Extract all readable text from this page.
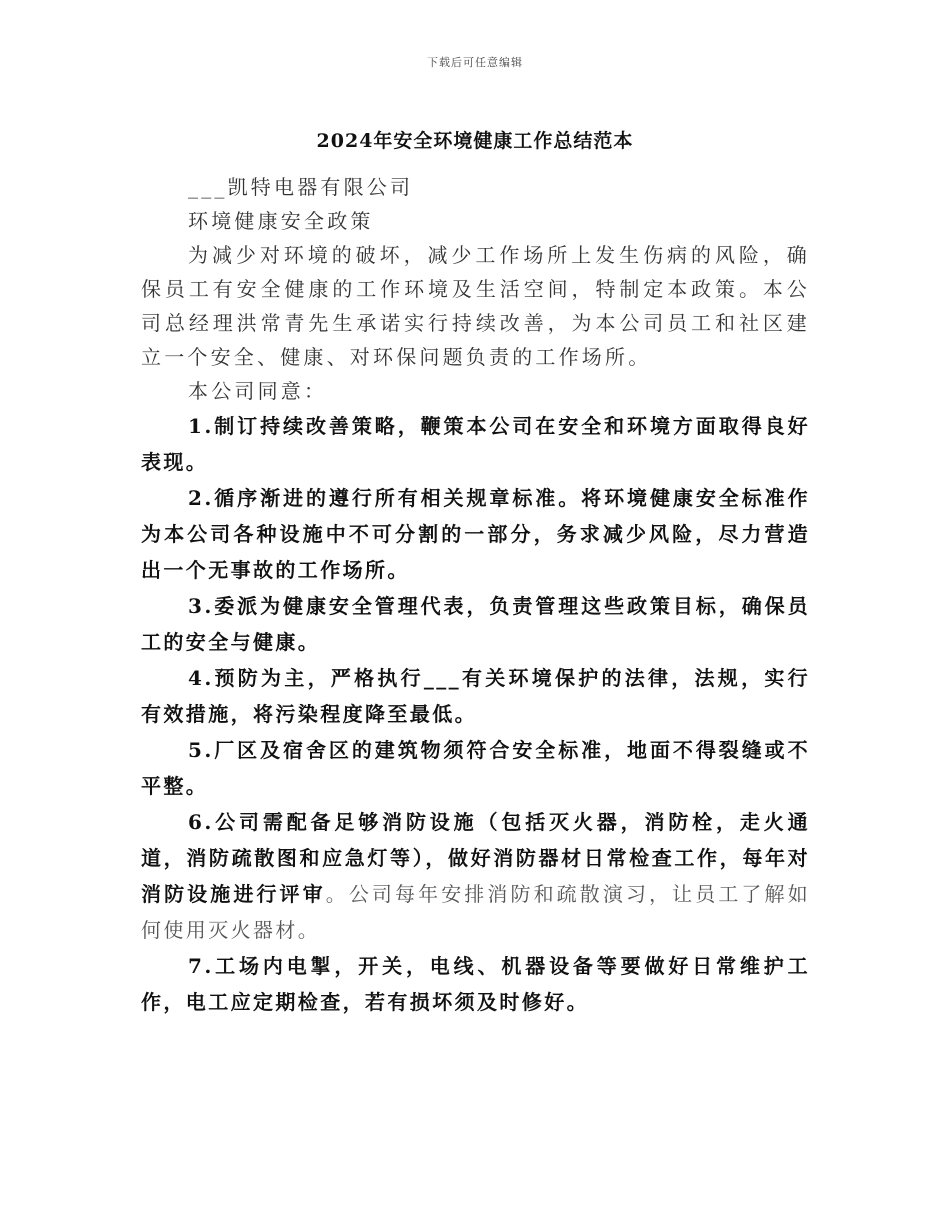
下载后可任意编辑
2024年安全环境健康工作总结范本

___凯特电器有限公司

环境健康安全政策

为减少对环境的破坏，减少工作场所上发生伤病的风险，确保员工有安全健康的工作环境及生活空间，特制定本政策。本公司总经理洪常青先生承诺实行持续改善，为本公司员工和社区建立一个安全、健康、对环保问题负责的工作场所。

本公司同意：

1.制订持续改善策略，鞭策本公司在安全和环境方面取得良好表现。

2.循序渐进的遵行所有相关规章标准。将环境健康安全标准作为本公司各种设施中不可分割的一部分，务求减少风险，尽力营造出一个无事故的工作场所。

3.委派为健康安全管理代表，负责管理这些政策目标，确保员工的安全与健康。

4.预防为主，严格执行___有关环境保护的法律，法规，实行有效措施，将污染程度降至最低。

5.厂区及宿舍区的建筑物须符合安全标准，地面不得裂缝或不平整。

6.公司需配备足够消防设施（包括灭火器，消防栓，走火通道，消防疏散图和应急灯等），做好消防器材日常检查工作，每年对消防设施进行评审。公司每年安排消防和疏散演习，让员工了解如何使用灭火器材。

7.工场内电掣，开关，电线、机器设备等要做好日常维护工作，电工应定期检查，若有损坏须及时修好。
